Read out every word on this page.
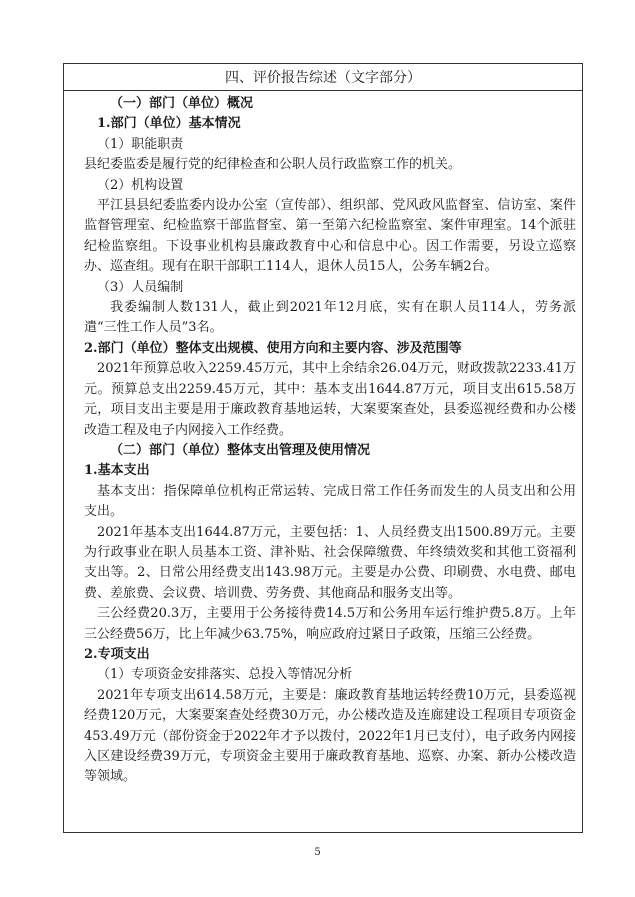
四、评价报告综述（文字部分）

（一）部门（单位）概况

1.部门（单位）基本情况

（1）职能职责

县纪委监委是履行党的纪律检查和公职人员行政监察工作的机关。

（2）机构设置

平江县县纪委监委内设办公室（宣传部）、组织部、党风政风监督室、信访室、案件监督管理室、纪检监察干部监督室、第一至第六纪检监察室、案件审理室。14个派驻纪检监察组。下设事业机构县廉政教育中心和信息中心。因工作需要，另设立巡察办、巡查组。现有在职干部职工114人，退休人员15人，公务车辆2台。

（3）人员编制

我委编制人数131人，截止到2021年12月底，实有在职人员114人，劳务派遣“三性工作人员”3名。

2.部门（单位）整体支出规模、使用方向和主要内容、涉及范围等

2021年预算总收入2259.45万元，其中上余结余26.04万元，财政拨款2233.41万元。预算总支出2259.45万元，其中：基本支出1644.87万元，项目支出615.58万元，项目支出主要是用于廉政教育基地运转，大案要案查处，县委巡视经费和办公楼改造工程及电子内网接入工作经费。

（二）部门（单位）整体支出管理及使用情况

1.基本支出

基本支出：指保障单位机构正常运转、完成日常工作任务而发生的人员支出和公用支出。

2021年基本支出1644.87万元，主要包括：1、人员经费支出1500.89万元。主要为行政事业在职人员基本工资、津补贴、社会保障缴费、年终绩效奖和其他工资福利支出等。2、日常公用经费支出143.98万元。主要是办公费、印刷费、水电费、邮电费、差旅费、会议费、培训费、劳务费、其他商品和服务支出等。

三公经费20.3万，主要用于公务接待费14.5万和公务用车运行维护费5.8万。上年三公经费56万，比上年减少63.75%，响应政府过紧日子政策，压缩三公经费。

2.专项支出

（1）专项资金安排落实、总投入等情况分析

2021年专项支出614.58万元，主要是：廉政教育基地运转经费10万元，县委巡视经费120万元，大案要案查处经费30万元，办公楼改造及连廊建设工程项目专项资金453.49万元（部份资金于2022年才予以拨付，2022年1月已支付），电子政务内网接入区建设经费39万元，专项资金主要用于廉政教育基地、巡察、办案、新办公楼改造等领域。

5
